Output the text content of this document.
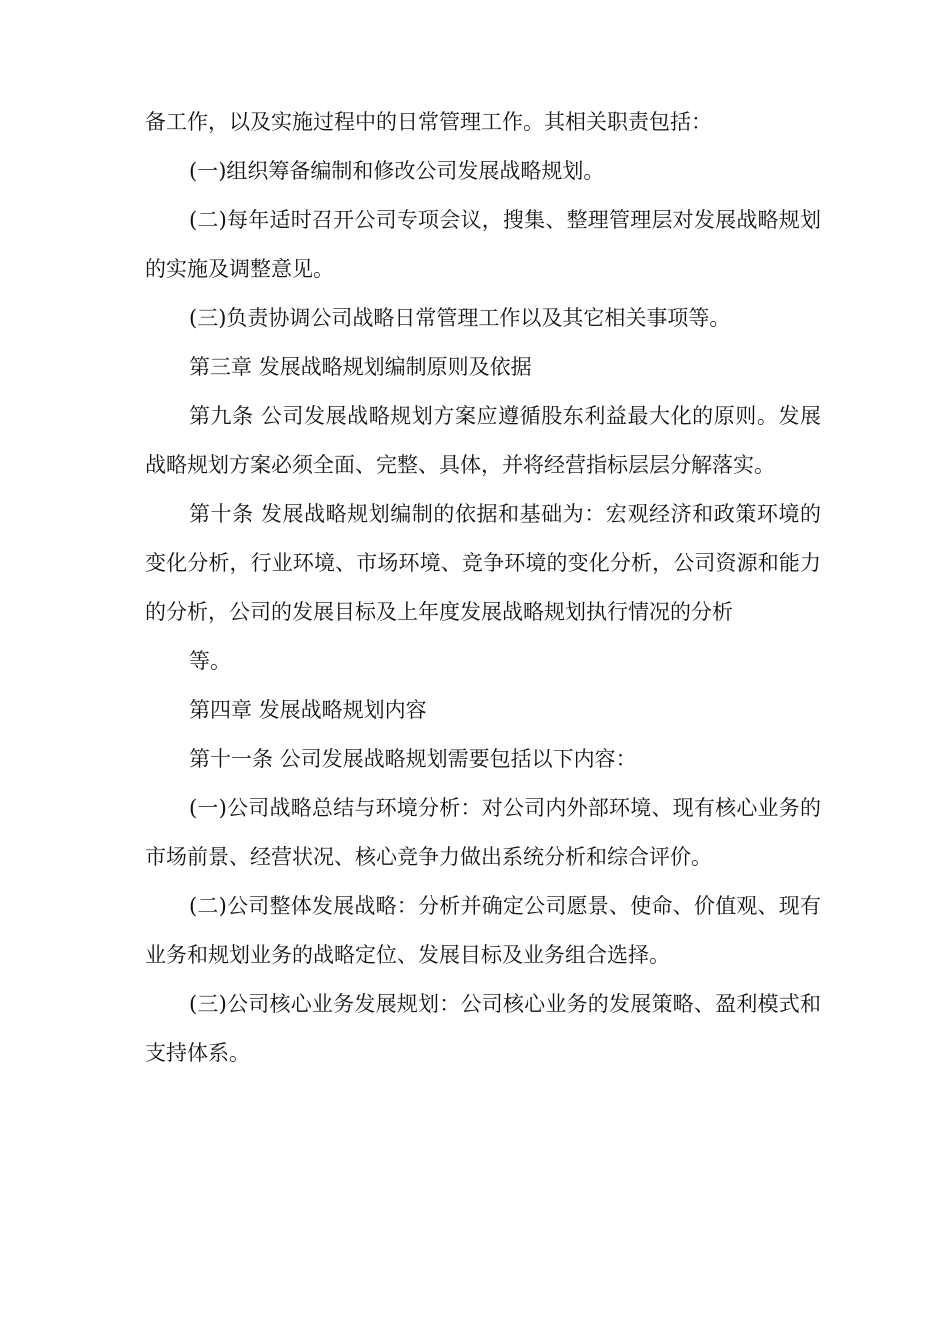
备工作，以及实施过程中的日常管理工作。其相关职责包括：

(一)组织筹备编制和修改公司发展战略规划。

(二)每年适时召开公司专项会议，搜集、整理管理层对发展战略规划的实施及调整意见。

(三)负责协调公司战略日常管理工作以及其它相关事项等。

第三章 发展战略规划编制原则及依据

第九条 公司发展战略规划方案应遵循股东利益最大化的原则。发展战略规划方案必须全面、完整、具体，并将经营指标层层分解落实。

第十条 发展战略规划编制的依据和基础为：宏观经济和政策环境的变化分析，行业环境、市场环境、竞争环境的变化分析，公司资源和能力的分析，公司的发展目标及上年度发展战略规划执行情况的分析

等。

第四章 发展战略规划内容

第十一条 公司发展战略规划需要包括以下内容：

(一)公司战略总结与环境分析：对公司内外部环境、现有核心业务的市场前景、经营状况、核心竞争力做出系统分析和综合评价。

(二)公司整体发展战略：分析并确定公司愿景、使命、价值观、现有业务和规划业务的战略定位、发展目标及业务组合选择。

(三)公司核心业务发展规划：公司核心业务的发展策略、盈利模式和支持体系。
